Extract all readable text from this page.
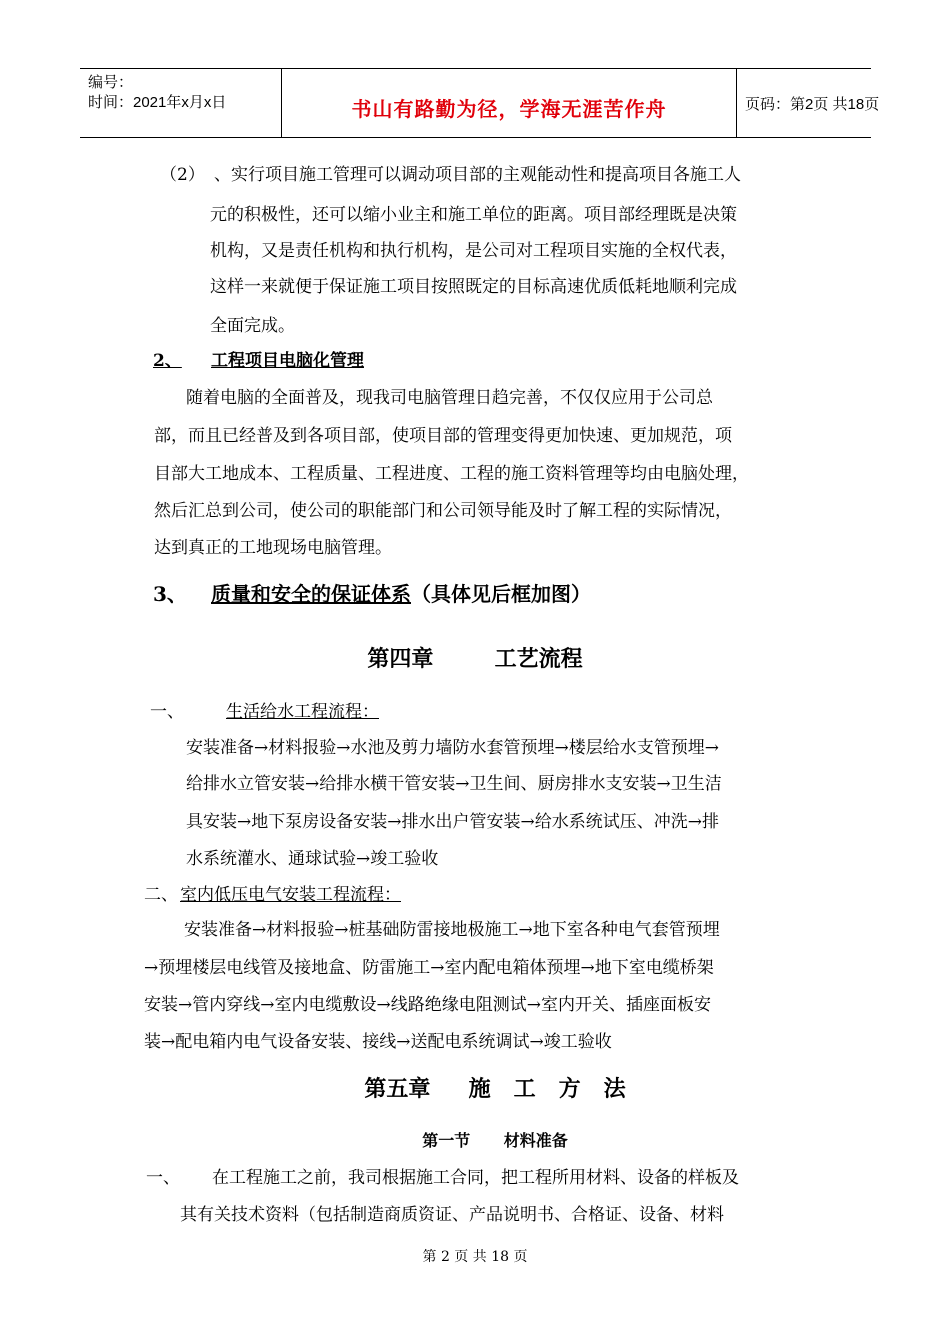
编号：
时间：2021年x月x日	书山有路勤为径，学海无涯苦作舟	页码：第2页 共18页
（2） 、实行项目施工管理可以调动项目部的主观能动性和提高项目各施工人
元的积极性，还可以缩小业主和施工单位的距离。项目部经理既是决策
机构，又是责任机构和执行机构，是公司对工程项目实施的全权代表，
这样一来就便于保证施工项目按照既定的目标高速优质低耗地顺利完成
全面完成。
2、 工程项目电脑化管理
随着电脑的全面普及，现我司电脑管理日趋完善，不仅仅应用于公司总
部，而且已经普及到各项目部，使项目部的管理变得更加快速、更加规范，项
目部大工地成本、工程质量、工程进度、工程的施工资料管理等均由电脑处理，
然后汇总到公司，使公司的职能部门和公司领导能及时了解工程的实际情况，
达到真正的工地现场电脑管理。
3、 质量和安全的保证体系（具体见后框加图）
第四章        工艺流程
一、 生活给水工程流程：
安装准备→材料报验→水池及剪力墙防水套管预埋→楼层给水支管预埋→
给排水立管安装→给排水横干管安装→卫生间、厨房排水支安装→卫生洁
具安装→地下泵房设备安装→排水出户管安装→给水系统试压、冲洗→排
水系统灌水、通球试验→竣工验收
二、 室内低压电气安装工程流程：
安装准备→材料报验→桩基础防雷接地极施工→地下室各种电气套管预埋
→预埋楼层电线管及接地盒、防雷施工→室内配电箱体预埋→地下室电缆桥架
安装→管内穿线→室内电缆敷设→线路绝缘电阻测试→室内开关、插座面板安
装→配电箱内电气设备安装、接线→送配电系统调试→竣工验收
第五章     施   工   方   法
第一节      材料准备
一、 在工程施工之前，我司根据施工合同，把工程所用材料、设备的样板及
其有关技术资料（包括制造商质资证、产品说明书、合格证、设备、材料
第 2 页 共 18 页
